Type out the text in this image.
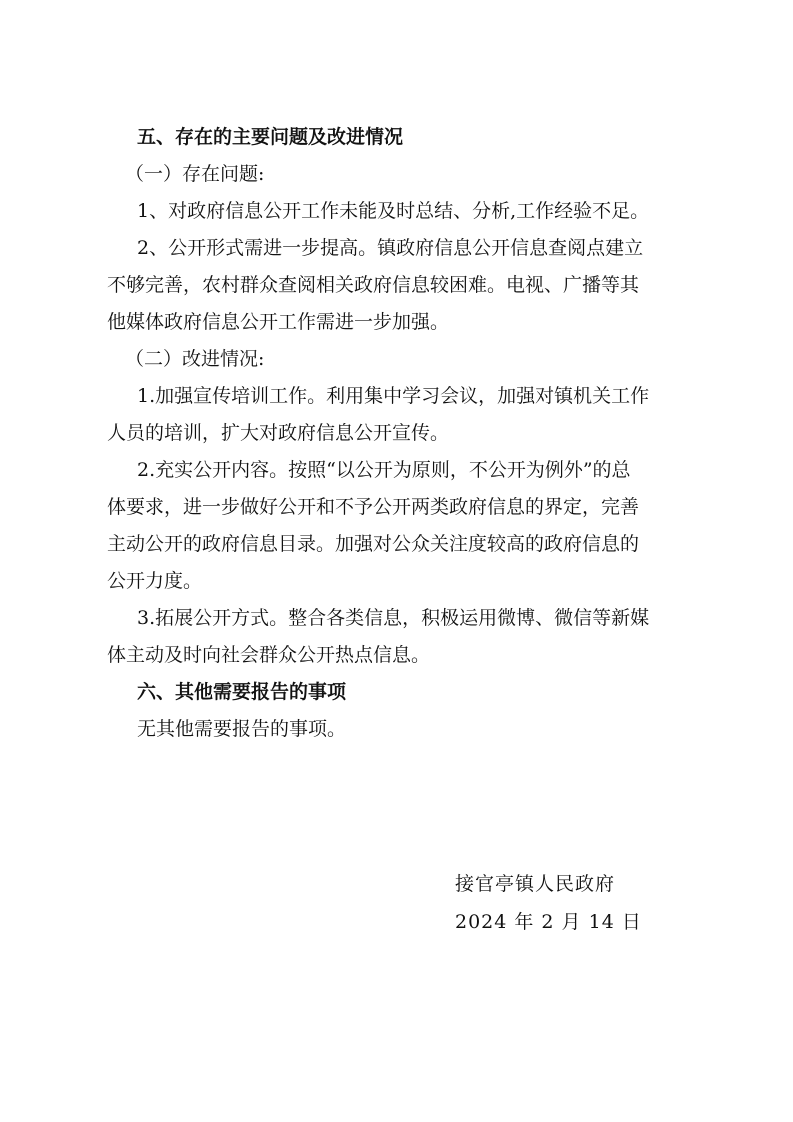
五、存在的主要问题及改进情况
（一）存在问题:
1、对政府信息公开工作未能及时总结、分析,工作经验不足。
2、公开形式需进一步提高。镇政府信息公开信息查阅点建立
不够完善，农村群众查阅相关政府信息较困难。电视、广播等其
他媒体政府信息公开工作需进一步加强。
（二）改进情况:
1.加强宣传培训工作。利用集中学习会议，加强对镇机关工作
人员的培训，扩大对政府信息公开宣传。
2.充实公开内容。按照“以公开为原则，不公开为例外”的总
体要求，进一步做好公开和不予公开两类政府信息的界定，完善
主动公开的政府信息目录。加强对公众关注度较高的政府信息的
公开力度。
3.拓展公开方式。整合各类信息，积极运用微博、微信等新媒
体主动及时向社会群众公开热点信息。
六、其他需要报告的事项
无其他需要报告的事项。
接官亭镇人民政府
2024 年 2 月 14 日
